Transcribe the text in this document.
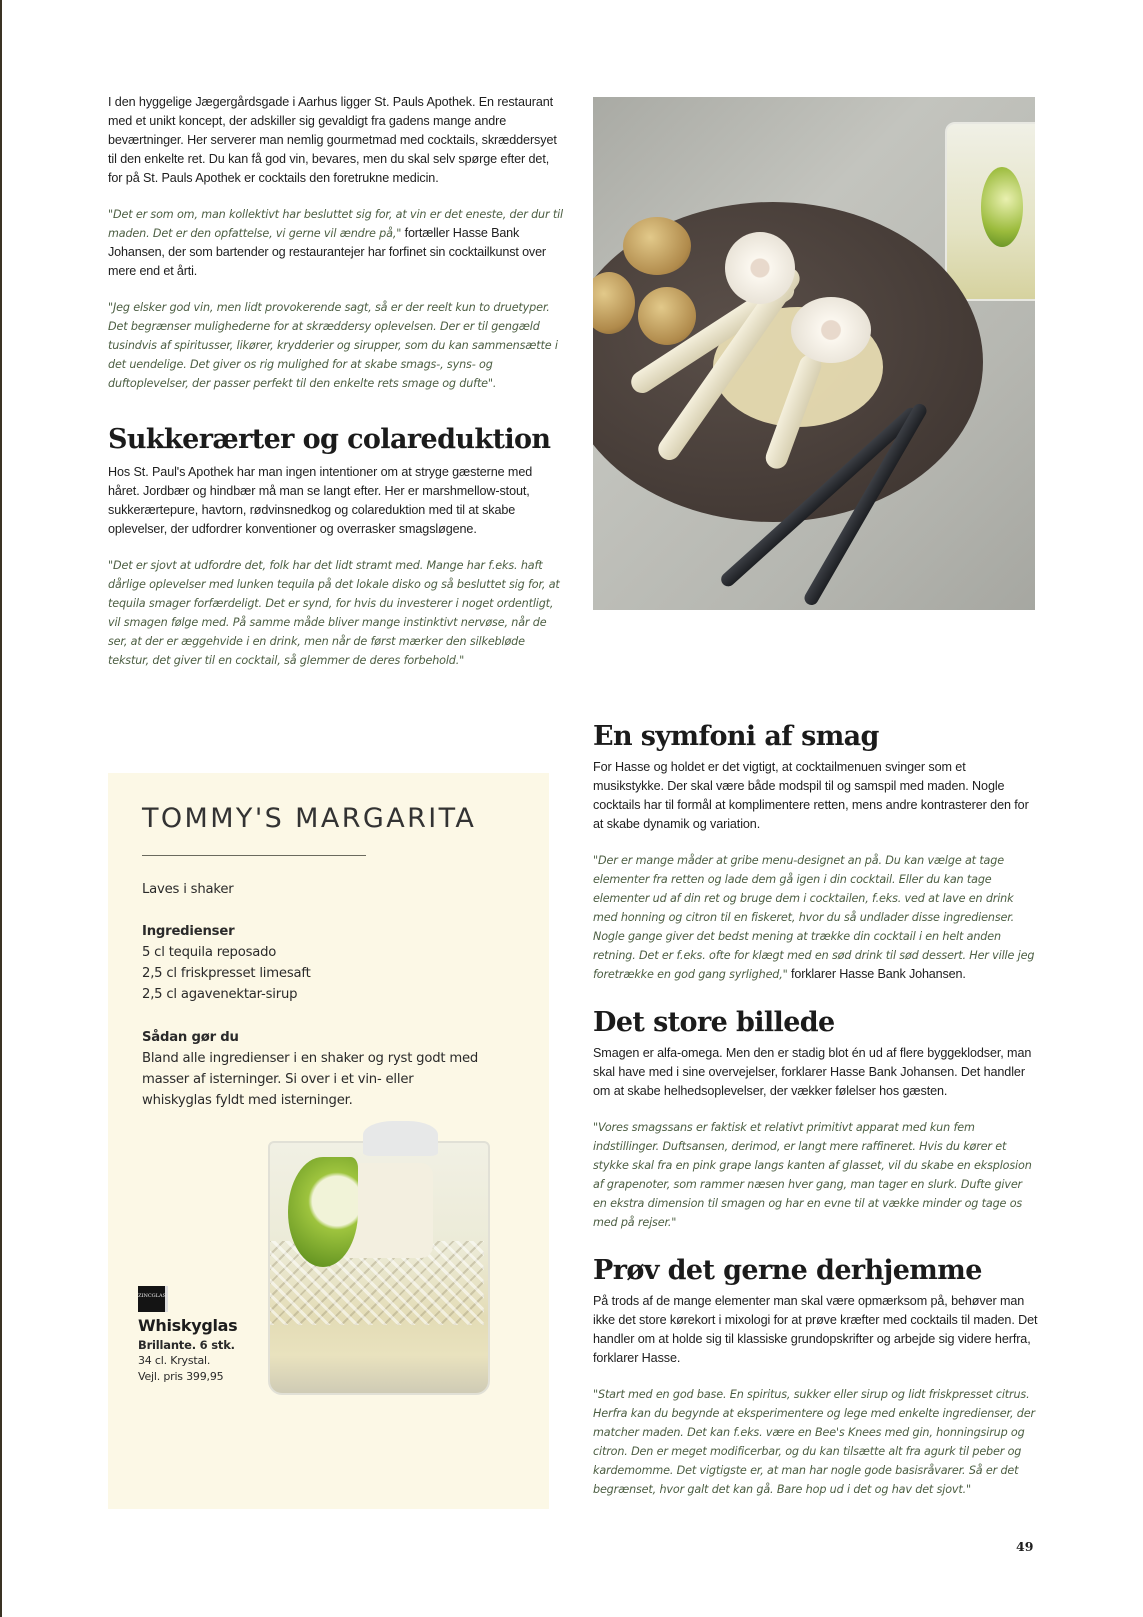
I den hyggelige Jægergårdsgade i Aarhus ligger St. Pauls Apothek. En restaurant med et unikt koncept, der adskiller sig gevaldigt fra gadens mange andre beværtninger. Her serverer man nemlig gourmetmad med cocktails, skræddersyet til den enkelte ret. Du kan få god vin, bevares, men du skal selv spørge efter det, for på St. Pauls Apothek er cocktails den foretrukne medicin.

"Det er som om, man kollektivt har besluttet sig for, at vin er det eneste, der dur til maden. Det er den opfattelse, vi gerne vil ændre på," fortæller Hasse Bank Johansen, der som bartender og restaurantejer har forfinet sin cocktailkunst over mere end et årti.

"Jeg elsker god vin, men lidt provokerende sagt, så er der reelt kun to druetyper. Det begrænser mulighederne for at skræddersy oplevelsen. Der er til gengæld tusindvis af spiritusser, likører, krydderier og sirupper, som du kan sammensætte i det uendelige. Det giver os rig mulighed for at skabe smags-, syns- og duftoplevelser, der passer perfekt til den enkelte rets smage og dufte".

Sukkerærter og colareduktion

Hos St. Paul's Apothek har man ingen intentioner om at stryge gæsterne med håret. Jordbær og hindbær må man se langt efter. Her er marshmellow-stout, sukkerærtepure, havtorn, rødvinsnedkog og colareduktion med til at skabe oplevelser, der udfordrer konventioner og overrasker smagsløgene.

"Det er sjovt at udfordre det, folk har det lidt stramt med. Mange har f.eks. haft dårlige oplevelser med lunken tequila på det lokale disko og så besluttet sig for, at tequila smager forfærdeligt. Det er synd, for hvis du investerer i noget ordentligt, vil smagen følge med. På samme måde bliver mange instinktivt nervøse, når de ser, at der er æggehvide i en drink, men når de først mærker den silkebløde tekstur, det giver til en cocktail, så glemmer de deres forbehold."

En symfoni af smag

For Hasse og holdet er det vigtigt, at cocktailmenuen svinger som et musikstykke. Der skal være både modspil til og samspil med maden. Nogle cocktails har til formål at komplimentere retten, mens andre kontrasterer den for at skabe dynamik og variation.

"Der er mange måder at gribe menu-designet an på. Du kan vælge at tage elementer fra retten og lade dem gå igen i din cocktail. Eller du kan tage elementer ud af din ret og bruge dem i cocktailen, f.eks. ved at lave en drink med honning og citron til en fiskeret, hvor du så undlader disse ingredienser. Nogle gange giver det bedst mening at trække din cocktail i en helt anden retning. Det er f.eks. ofte for klægt med en sød drink til sød dessert. Her ville jeg foretrække en god gang syrlighed," forklarer Hasse Bank Johansen.

Det store billede

Smagen er alfa-omega. Men den er stadig blot én ud af flere byggeklodser, man skal have med i sine overvejelser, forklarer Hasse Bank Johansen. Det handler om at skabe helhedsoplevelser, der vækker følelser hos gæsten.

"Vores smagssans er faktisk et relativt primitivt apparat med kun fem indstillinger. Duftsansen, derimod, er langt mere raffineret. Hvis du kører et stykke skal fra en pink grape langs kanten af glasset, vil du skabe en eksplosion af grapenoter, som rammer næsen hver gang, man tager en slurk. Dufte giver en ekstra dimension til smagen og har en evne til at vække minder og tage os med på rejser."

Prøv det gerne derhjemme

På trods af de mange elementer man skal være opmærksom på, behøver man ikke det store kørekort i mixologi for at prøve kræfter med cocktails til maden. Det handler om at holde sig til klassiske grundopskrifter og arbejde sig videre herfra, forklarer Hasse.

"Start med en god base. En spiritus, sukker eller sirup og lidt friskpresset citrus. Herfra kan du begynde at eksperimentere og lege med enkelte ingredienser, der matcher maden. Det kan f.eks. være en Bee's Knees med gin, honningsirup og citron. Den er meget modificerbar, og du kan tilsætte alt fra agurk til peber og kardemomme. Det vigtigste er, at man har nogle gode basisråvarer. Så er det begrænset, hvor galt det kan gå. Bare hop ud i det og hav det sjovt."

TOMMY'S MARGARITA
Laves i shaker
Ingredienser
5 cl tequila reposado
2,5 cl friskpresset limesaft
2,5 cl agavenektar-sirup
Sådan gør du
Bland alle ingredienser i en shaker og ryst godt med masser af isterninger. Si over i et vin- eller whiskyglas fyldt med isterninger.
ZINCGLAS
Whiskyglas
Brillante. 6 stk.
34 cl. Krystal.
Vejl. pris 399,95
49
